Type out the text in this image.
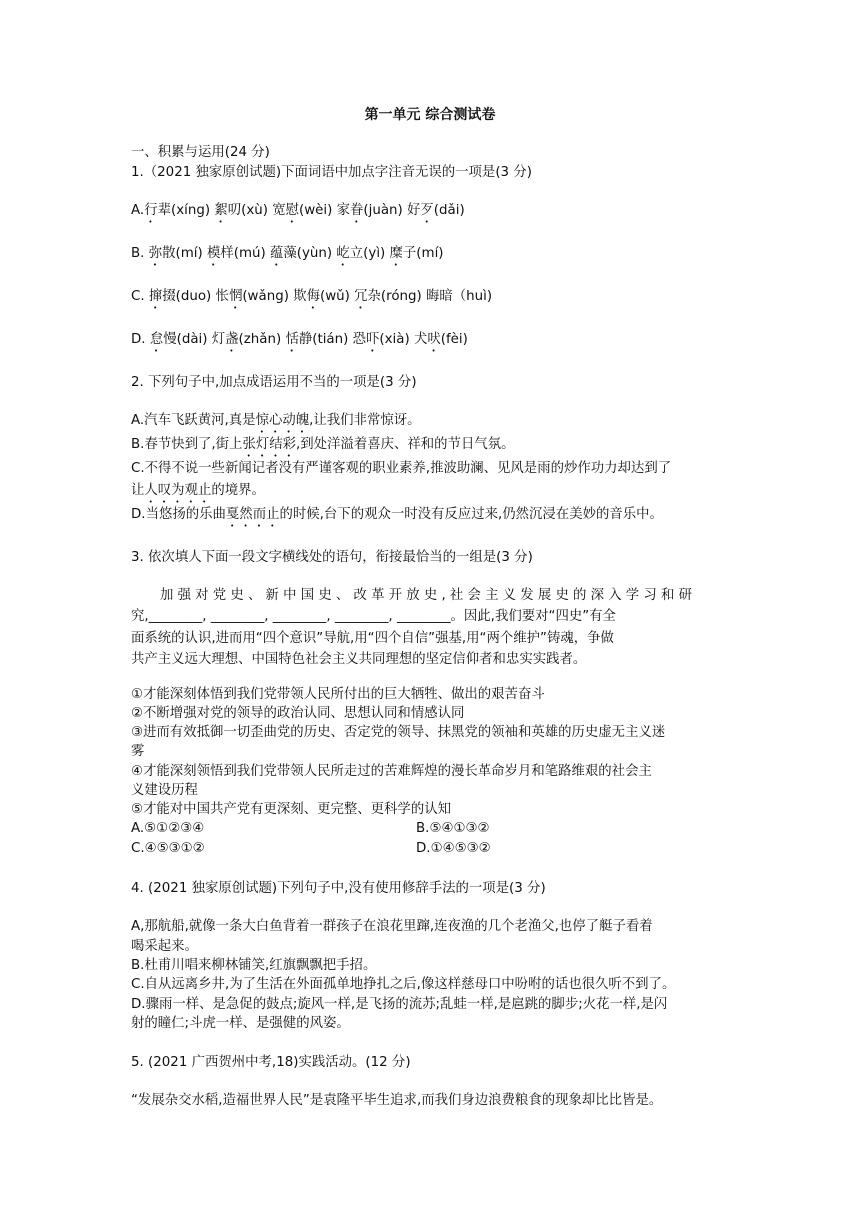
第一单元 综合测试卷
一、积累与运用(24 分)
1.（2021 独家原创试题)下面词语中加点字注音无误的一项是(3 分)
A.行辈(xíng) 絮叨(xù) 宽慰(wèi) 家眷(juàn) 好歹(dǎi)
B. 弥散(mí) 模样(mú) 蕴藻(yùn) 屹立(yì) 糜子(mí)
C. 撺掇(duo) 怅惘(wǎng) 欺侮(wǔ) 冗杂(róng) 晦暗（huì)
D. 怠慢(dài) 灯盏(zhǎn) 恬静(tián) 恐吓(xià) 犬吠(fèi)
2. 下列句子中,加点成语运用不当的一项是(3 分)
A.汽车飞跃黄河,真是惊心动魄,让我们非常惊讶。
B.春节快到了,街上张灯结彩,到处洋溢着喜庆、祥和的节日气氛。
C.不得不说一些新闻记者没有严谨客观的职业素养,推波助澜、见风是雨的炒作功力却达到了
让人叹为观止的境界。
D.当悠扬的乐曲戛然而止的时候,台下的观众一时没有反应过来,仍然沉浸在美妙的音乐中。
3. 依次填人下面一段文字横线处的语句，衔接最恰当的一组是(3 分)
加强对党史、新中国史、改革开放史,社会主义发展史的深入学习和研
究,________, ________, ________, ________, ________。因此,我们要对“四史”有全
面系统的认识,进而用“四个意识”导航,用“四个自信”强基,用“两个维护”铸魂，争做
共产主义远大理想、中国特色社会主义共同理想的坚定信仰者和忠实实践者。
①才能深刻体悟到我们党带领人民所付出的巨大牺牲、做出的艰苦奋斗
②不断增强对党的领导的政治认同、思想认同和情感认同
③进而有效抵御一切歪曲党的历史、否定党的领导、抹黑党的领袖和英雄的历史虚无主义迷
雾
④才能深刻领悟到我们党带领人民所走过的苦难辉煌的漫长革命岁月和笔路维艰的社会主
义建设历程
⑤才能对中国共产党有更深刻、更完整、更科学的认知
A.⑤①②③④	B.⑤④①③②
C.④⑤③①②	D.①④⑤③②
4. (2021 独家原创试题)下列句子中,没有使用修辞手法的一项是(3 分)
A,那航船,就像一条大白鱼背着一群孩子在浪花里蹿,连夜渔的几个老渔父,也停了艇子看着
喝采起来。
B.杜甫川唱来柳林铺笑,红旗飘飘把手招。
C.自从远离乡井,为了生活在外面孤单地挣扎之后,像这样慈母口中吩咐的话也很久听不到了。
D.骤雨一样、是急促的鼓点;旋风一样,是飞扬的流苏;乱蛙一样,是扈跳的脚步;火花一样,是闪
射的瞳仁;斗虎一样、是强健的风姿。
5. (2021 广西贺州中考,18)实践活动。(12 分)
“发展杂交水稻,造福世界人民”是袁隆平毕生追求,而我们身边浪费粮食的现象却比比皆是。
